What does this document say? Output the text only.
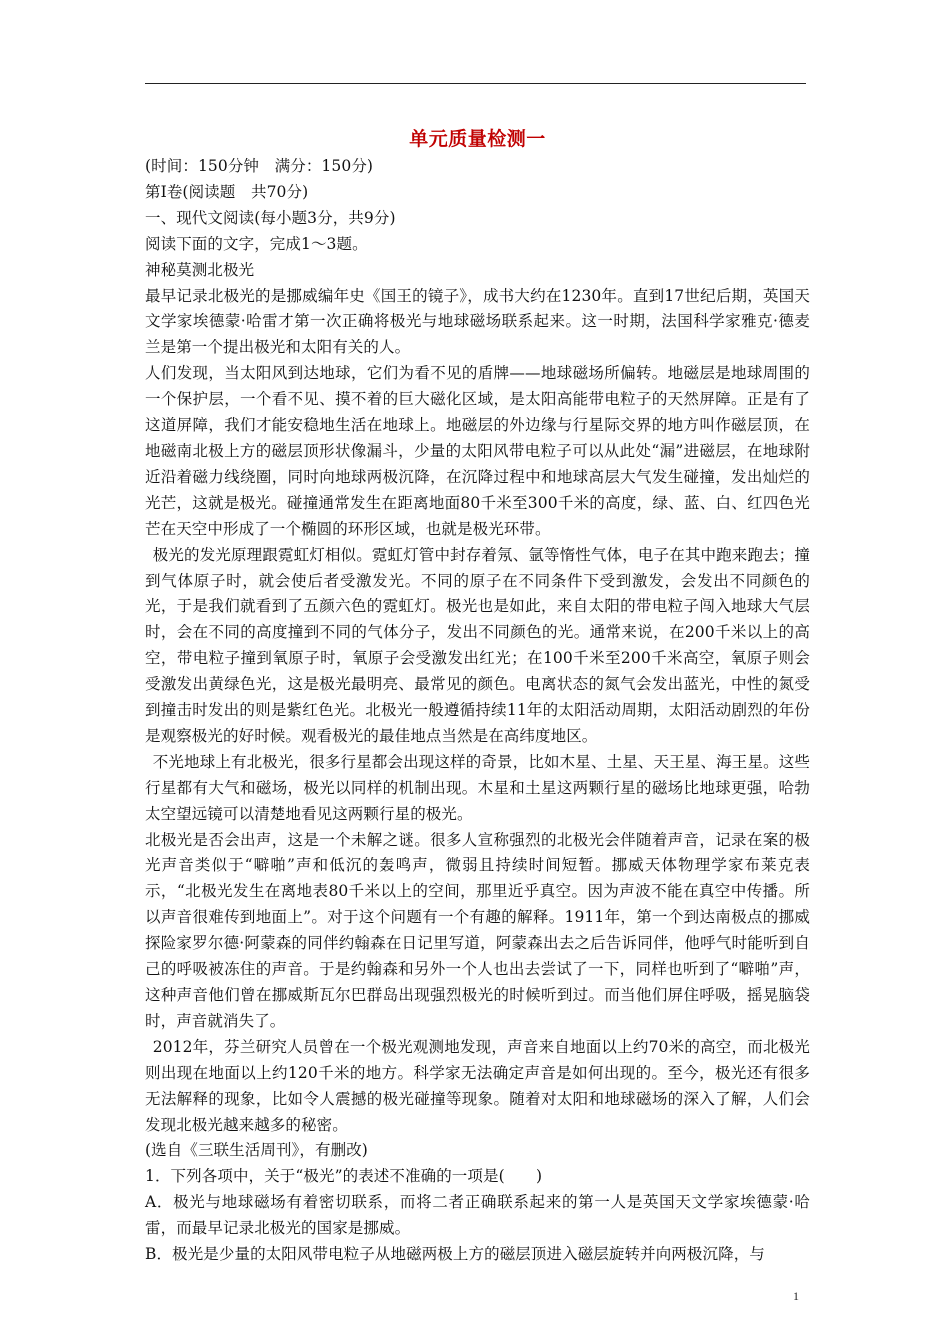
单元质量检测一
(时间：150分钟　满分：150分)
第Ⅰ卷(阅读题　共70分)
一、现代文阅读(每小题3分，共9分)
阅读下面的文字，完成1～3题。
神秘莫测北极光

最早记录北极光的是挪威编年史《国王的镜子》，成书大约在1230年。直到17世纪后期，英国天文学家埃德蒙·哈雷才第一次正确将极光与地球磁场联系起来。这一时期，法国科学家雅克·德麦兰是第一个提出极光和太阳有关的人。

人们发现，当太阳风到达地球，它们为看不见的盾牌——地球磁场所偏转。地磁层是地球周围的一个保护层，一个看不见、摸不着的巨大磁化区域，是太阳高能带电粒子的天然屏障。正是有了这道屏障，我们才能安稳地生活在地球上。地磁层的外边缘与行星际交界的地方叫作磁层顶，在地磁南北极上方的磁层顶形状像漏斗，少量的太阳风带电粒子可以从此处“漏”进磁层，在地球附近沿着磁力线绕圈，同时向地球两极沉降，在沉降过程中和地球高层大气发生碰撞，发出灿烂的光芒，这就是极光。碰撞通常发生在距离地面80千米至300千米的高度，绿、蓝、白、红四色光芒在天空中形成了一个椭圆的环形区域，也就是极光环带。

极光的发光原理跟霓虹灯相似。霓虹灯管中封存着氖、氩等惰性气体，电子在其中跑来跑去；撞到气体原子时，就会使后者受激发光。不同的原子在不同条件下受到激发，会发出不同颜色的光，于是我们就看到了五颜六色的霓虹灯。极光也是如此，来自太阳的带电粒子闯入地球大气层时，会在不同的高度撞到不同的气体分子，发出不同颜色的光。通常来说，在200千米以上的高空，带电粒子撞到氧原子时，氧原子会受激发出红光；在100千米至200千米高空，氧原子则会受激发出黄绿色光，这是极光最明亮、最常见的颜色。电离状态的氮气会发出蓝光，中性的氮受到撞击时发出的则是紫红色光。北极光一般遵循持续11年的太阳活动周期，太阳活动剧烈的年份是观察极光的好时候。观看极光的最佳地点当然是在高纬度地区。

不光地球上有北极光，很多行星都会出现这样的奇景，比如木星、土星、天王星、海王星。这些行星都有大气和磁场，极光以同样的机制出现。木星和土星这两颗行星的磁场比地球更强，哈勃太空望远镜可以清楚地看见这两颗行星的极光。

北极光是否会出声，这是一个未解之谜。很多人宣称强烈的北极光会伴随着声音，记录在案的极光声音类似于“噼啪”声和低沉的轰鸣声，微弱且持续时间短暂。挪威天体物理学家布莱克表示，“北极光发生在离地表80千米以上的空间，那里近乎真空。因为声波不能在真空中传播。所以声音很难传到地面上”。对于这个问题有一个有趣的解释。1911年，第一个到达南极点的挪威探险家罗尔德·阿蒙森的同伴约翰森在日记里写道，阿蒙森出去之后告诉同伴，他呼气时能听到自己的呼吸被冻住的声音。于是约翰森和另外一个人也出去尝试了一下，同样也听到了“噼啪”声，这种声音他们曾在挪威斯瓦尔巴群岛出现强烈极光的时候听到过。而当他们屏住呼吸，摇晃脑袋时，声音就消失了。

2012年，芬兰研究人员曾在一个极光观测地发现，声音来自地面以上约70米的高空，而北极光则出现在地面以上约120千米的地方。科学家无法确定声音是如何出现的。至今，极光还有很多无法解释的现象，比如令人震撼的极光碰撞等现象。随着对太阳和地球磁场的深入了解，人们会发现北极光越来越多的秘密。

(选自《三联生活周刊》，有删改)
1．下列各项中，关于“极光”的表述不准确的一项是(　　)

A．极光与地球磁场有着密切联系，而将二者正确联系起来的第一人是英国天文学家埃德蒙·哈雷，而最早记录北极光的国家是挪威。

B．极光是少量的太阳风带电粒子从地磁两极上方的磁层顶进入磁层旋转并向两极沉降，与

1
